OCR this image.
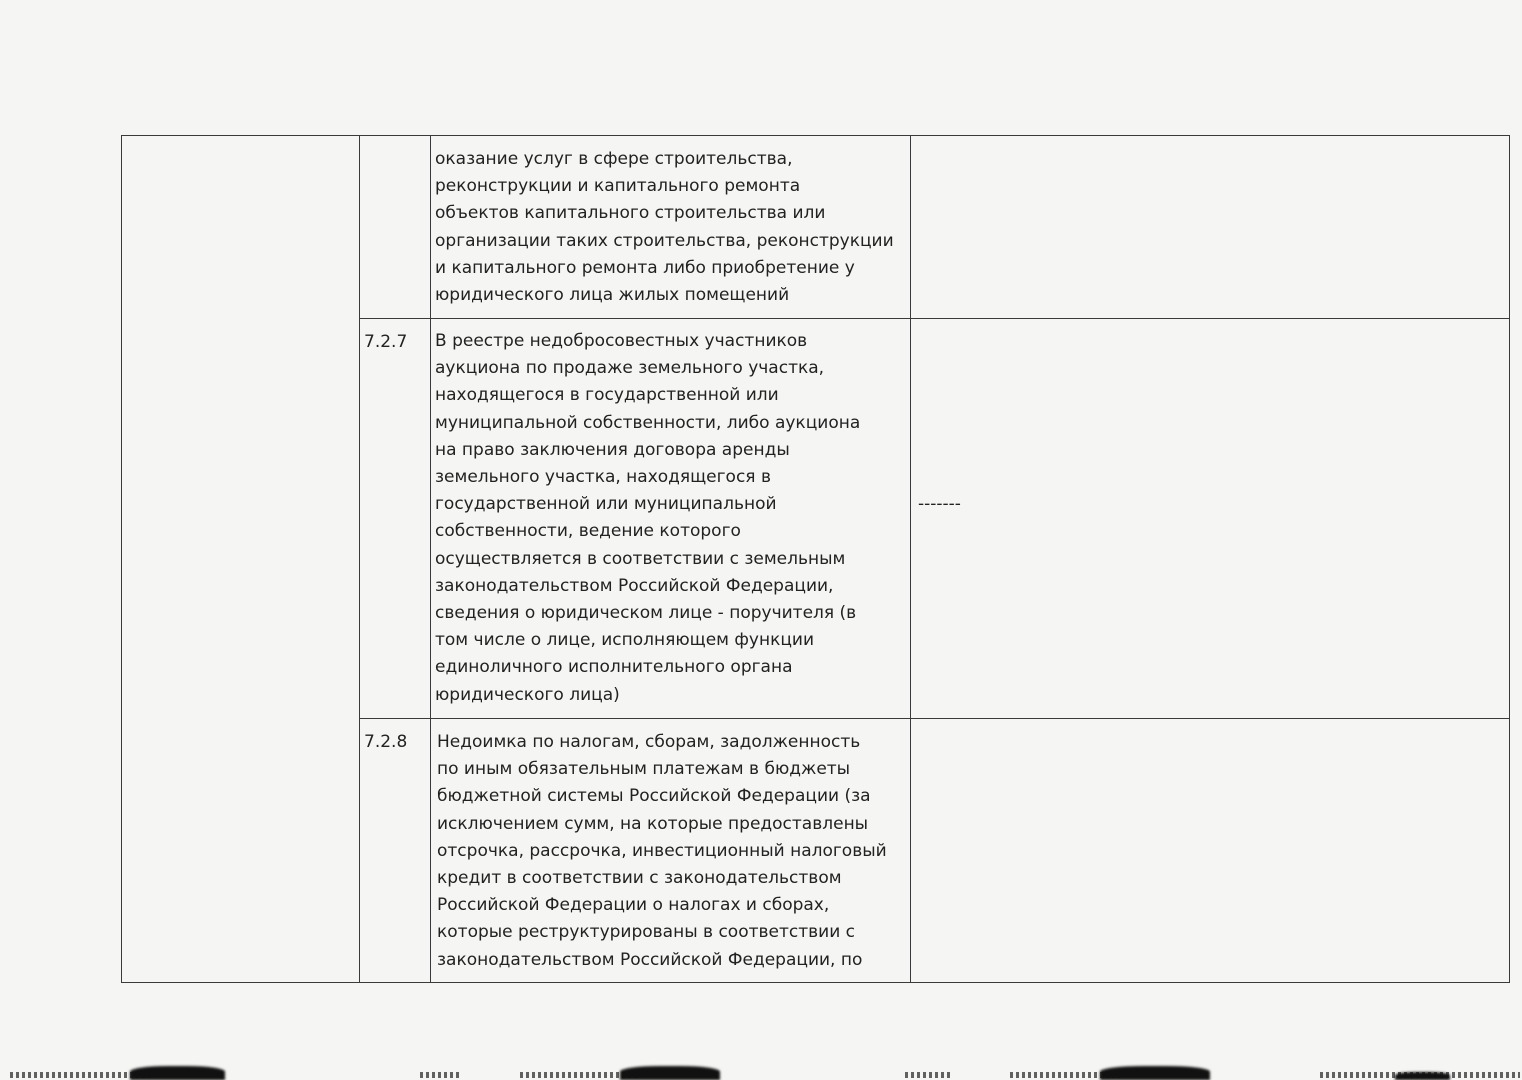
оказание услуг в сфере строительства,
реконструкции и капитального ремонта
объектов капитального строительства или
организации таких строительства, реконструкции
и капитального ремонта либо приобретение у
юридического лица жилых помещений
7.2.7 В реестре недобросовестных участников
аукциона по продаже земельного участка,
находящегося в государственной или
муниципальной собственности, либо аукциона
на право заключения договора аренды
земельного участка, находящегося в
государственной или муниципальной
собственности, ведение которого
осуществляется в соответствии с земельным
законодательством Российской Федерации,
сведения о юридическом лице - поручителя (в
том числе о лице, исполняющем функции
единоличного исполнительного органа
юридического лица)
-------
7.2.8 Недоимка по налогам, сборам, задолженность
по иным обязательным платежам в бюджеты
бюджетной системы Российской Федерации (за
исключением сумм, на которые предоставлены
отсрочка, рассрочка, инвестиционный налоговый
кредит в соответствии с законодательством
Российской Федерации о налогах и сборах,
которые реструктурированы в соответствии с
законодательством Российской Федерации, по
